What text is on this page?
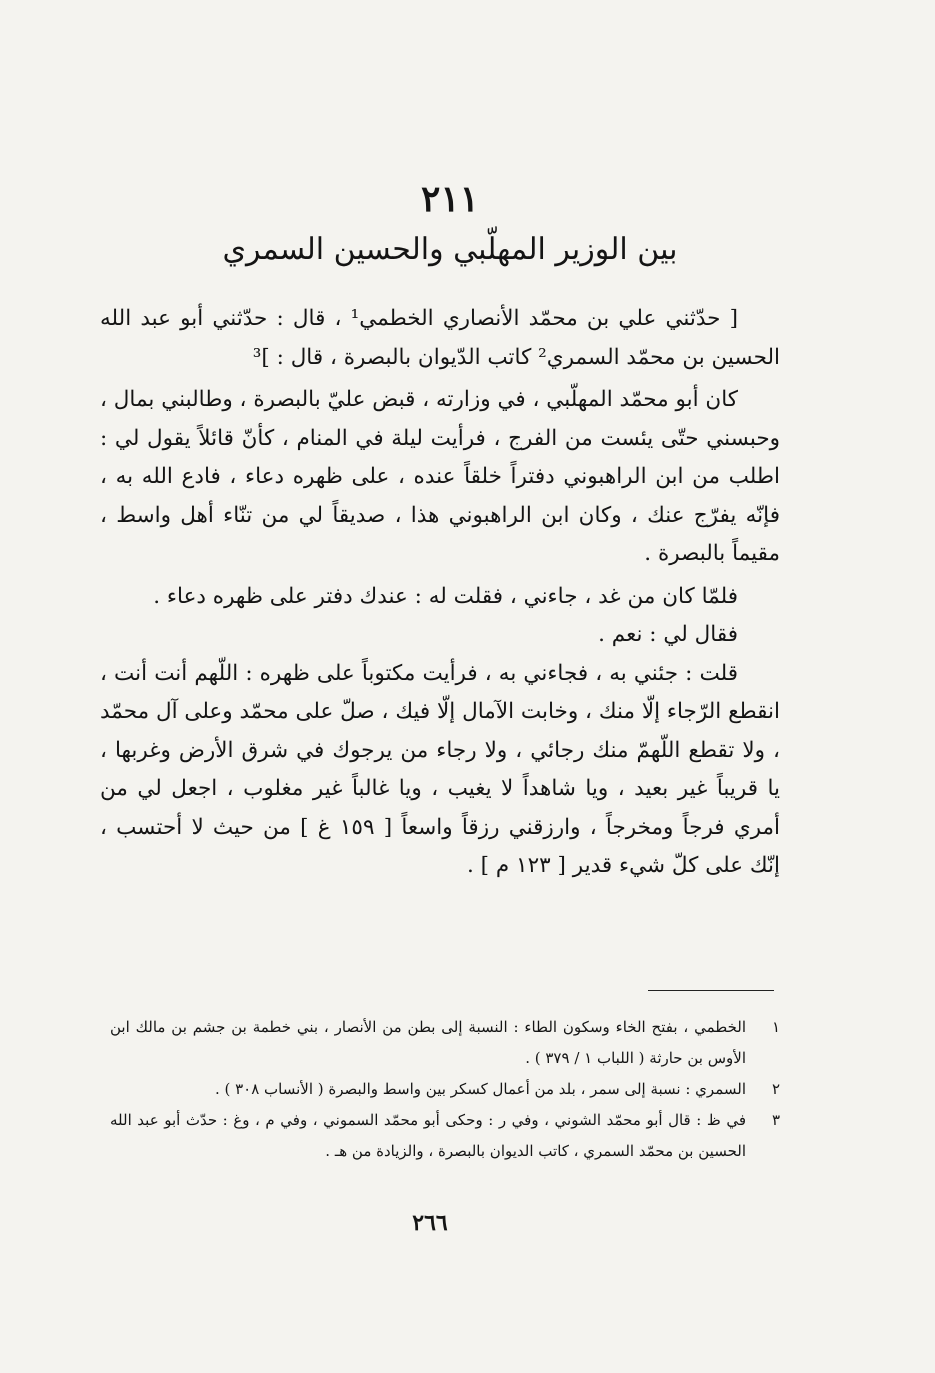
٢١١
بين الوزير المهلّبي والحسين السمري

[ حدّثني علي بن محمّد الأنصاري الخطمي¹ ، قال : حدّثني أبو عبد الله الحسين بن محمّد السمري² كاتب الدّيوان بالبصرة ، قال : ]³

كان أبو محمّد المهلّبي ، في وزارته ، قبض عليّ بالبصرة ، وطالبني بمال ، وحبسني حتّى يئست من الفرج ، فرأيت ليلة في المنام ، كأنّ قائلاً يقول لي : اطلب من ابن الراهبوني دفتراً خلقاً عنده ، على ظهره دعاء ، فادع الله به ، فإنّه يفرّج عنك ، وكان ابن الراهبوني هذا ، صديقاً لي من تنّاء أهل واسط ، مقيماً بالبصرة .

فلمّا كان من غد ، جاءني ، فقلت له : عندك دفتر على ظهره دعاء .

فقال لي : نعم .

قلت : جئني به ، فجاءني به ، فرأيت مكتوباً على ظهره : اللّهم أنت أنت ، انقطع الرّجاء إلّا منك ، وخابت الآمال إلّا فيك ، صلّ على محمّد وعلى آل محمّد ، ولا تقطع اللّهمّ منك رجائي ، ولا رجاء من يرجوك في شرق الأرض وغربها ، يا قريباً غير بعيد ، ويا شاهداً لا يغيب ، ويا غالباً غير مغلوب ، اجعل لي من أمري فرجاً ومخرجاً ، وارزقني رزقاً واسعاً [ ١٥٩ غ ] من حيث لا أحتسب ، إنّك على كلّ شيء قدير [ ١٢٣ م ] .

١
الخطمي ، بفتح الخاء وسكون الطاء : النسبة إلى بطن من الأنصار ، بني خطمة بن جشم بن مالك ابن الأوس بن حارثة ( اللباب ١ / ٣٧٩ ) .
٢
السمري : نسبة إلى سمر ، بلد من أعمال كسكر بين واسط والبصرة ( الأنساب ٣٠٨ ) .
٣
في ظ : قال أبو محمّد الشوني ، وفي ر : وحكى أبو محمّد السموني ، وفي م ، وغ : حدّث أبو عبد الله الحسين بن محمّد السمري ، كاتب الديوان بالبصرة ، والزيادة من هـ .
٢٦٦
